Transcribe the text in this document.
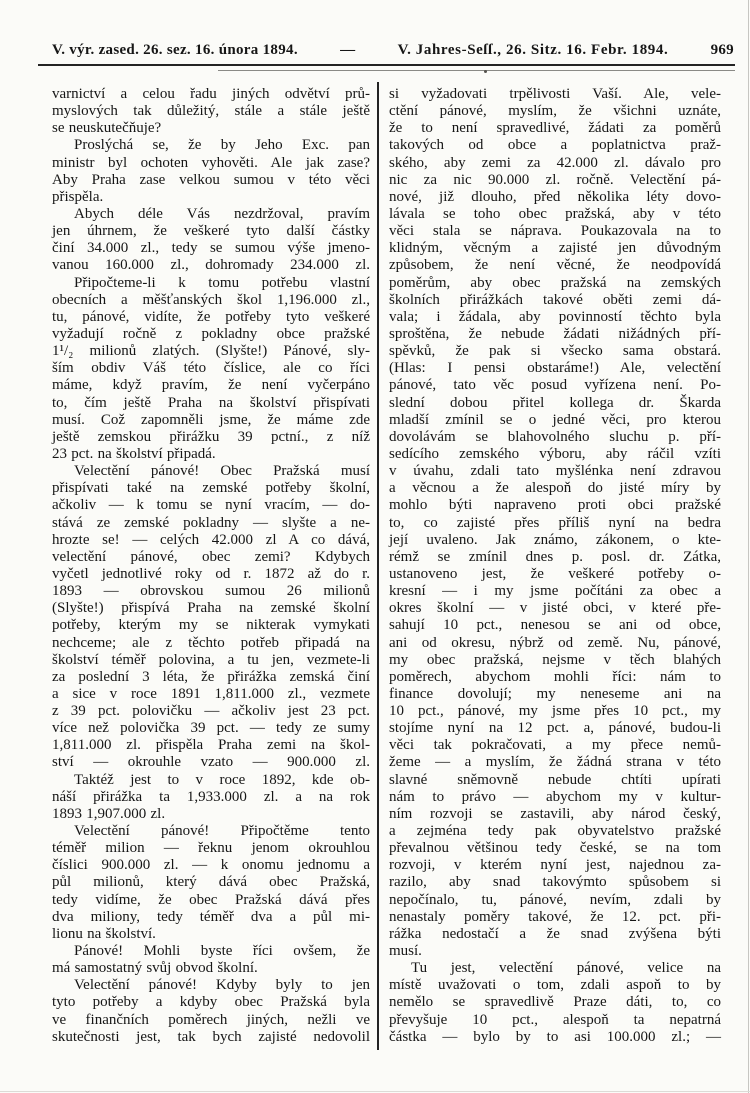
V. výr. zased. 26. sez. 16. února 1894.	—	V. Jahres-Seſſ., 26. Sitz. 16. Febr. 1894.	969

varnictví a celou řadu jiných odvětví prů-

myslových tak důležitý, stále a stále ještě

se neuskutečňuje?

Proslýchá se, že by Jeho Exc. pan

ministr byl ochoten vyhověti. Ale jak zase?

Aby Praha zase velkou sumou v této věci

přispěla.

Abych déle Vás nezdržoval, pravím

jen úhrnem, že veškeré tyto další částky

činí 34.000 zl., tedy se sumou výše jmeno-

vanou 160.000 zl., dohromady 234.000 zl.

Připočteme-li k tomu potřebu vlastní

obecních a měšťanských škol 1,196.000 zl.,

tu, pánové, vidíte, že potřeby tyto veškeré

vyžadují ročně z pokladny obce pražské

1¹/₂ milionů zlatých. (Slyšte!) Pánové, sly-

ším obdiv Váš této číslice, ale co říci

máme, když pravím, že není vyčerpáno

to, čím ještě Praha na školství přispívati

musí. Což zapomněli jsme, že máme zde

ještě zemskou přirážku 39 pctní., z níž

23 pct. na školství připadá.

Velectění pánové! Obec Pražská musí

přispívati také na zemské potřeby školní,

ačkoliv — k tomu se nyní vracím, — do-

stává ze zemské pokladny — slyšte a ne-

hrozte se! — celých 42.000 zl A co dává,

velectění pánové, obec zemi? Kdybych

vyčetl jednotlivé roky od r. 1872 až do r.

1893 — obrovskou sumou 26 milionů

(Slyšte!) přispívá Praha na zemské školní

potřeby, kterým my se nikterak vymykati

nechceme; ale z těchto potřeb připadá na

školství téměř polovina, a tu jen, vezmete-li

za poslední 3 léta, že přirážka zemská činí

a sice v roce 1891 1,811.000 zl., vezmete

z 39 pct. polovičku — ačkoliv jest 23 pct.

více než polovička 39 pct. — tedy ze sumy

1,811.000 zl. přispěla Praha zemi na škol-

ství — okrouhle vzato — 900.000 zl.

Taktéž jest to v roce 1892, kde ob-

náší přirážka ta 1,933.000 zl. a na rok

1893 1,907.000 zl.

Velectění pánové! Připočtěme tento

téměř milion — řeknu jenom okrouhlou

číslici 900.000 zl. — k onomu jednomu a

půl milionů, který dává obec Pražská,

tedy vidíme, že obec Pražská dává přes

dva miliony, tedy téměř dva a půl mi-

lionu na školství.

Pánové! Mohli byste říci ovšem, že

má samostatný svůj obvod školní.

Velectění pánové! Kdyby byly to jen

tyto potřeby a kdyby obec Pražská byla

ve finančních poměrech jiných, nežli ve

skutečnosti jest, tak bych zajisté nedovolil

si vyžadovati trpělivosti Vaší. Ale, vele-

ctění pánové, myslím, že všichni uznáte,

že to není spravedlivé, žádati za poměrů

takových od obce a poplatnictva praž-

ského, aby zemi za 42.000 zl. dávalo pro

nic za nic 90.000 zl. ročně. Velectění pá-

nové, již dlouho, před několika léty dovo-

lávala se toho obec pražská, aby v této

věci stala se náprava. Poukazovala na to

klidným, věcným a zajisté jen důvodným

způsobem, že není věcné, že neodpovídá

poměrům, aby obec pražská na zemských

školních přirážkách takové oběti zemi dá-

vala; i žádala, aby povinností těchto byla

sproštěna, že nebude žádati nižádných pří-

spěvků, že pak si všecko sama obstará.

(Hlas: I pensi obstaráme!) Ale, velectění

pánové, tato věc posud vyřízena není. Po-

slední dobou přitel kollega dr. Škarda

mladší zmínil se o jedné věci, pro kterou

dovolávám se blahovolného sluchu p. pří-

sedícího zemského výboru, aby ráčil vzíti

v úvahu, zdali tato myšlénka není zdravou

a věcnou a že alespoň do jisté míry by

mohlo býti napraveno proti obci pražské

to, co zajisté přes příliš nyní na bedra

její uvaleno. Jak známo, zákonem, o kte-

rémž se zmínil dnes p. posl. dr. Zátka,

ustanoveno jest, že veškeré potřeby o-

kresní — i my jsme počítáni za obec a

okres školní — v jisté obci, v které pře-

sahují 10 pct., nenesou se ani od obce,

ani od okresu, nýbrž od země. Nu, pánové,

my obec pražská, nejsme v těch blahých

poměrech, abychom mohli říci: nám to

finance dovolují; my neneseme ani na

10 pct., pánové, my jsme přes 10 pct., my

stojíme nyní na 12 pct. a, pánové, budou-li

věci tak pokračovati, a my přece nemů-

žeme — a myslím, že žádná strana v této

slavné sněmovně nebude chtíti upírati

nám to právo — abychom my v kultur-

ním rozvoji se zastavili, aby národ český,

a zejména tedy pak obyvatelstvo pražské

převalnou většinou tedy české, se na tom

rozvoji, v kterém nyní jest, najednou za-

razilo, aby snad takovýmto spůsobem si

nepočínalo, tu, pánové, nevím, zdali by

nenastaly poměry takové, že 12. pct. při-

rážka nedostačí a že snad zvýšena býti

musí.

Tu jest, velectění pánové, velice na

místě uvažovati o tom, zdali aspoň to by

nemělo se spravedlivě Praze dáti, to, co

převyšuje 10 pct., alespoň ta nepatrná

částka — bylo by to asi 100.000 zl.; —
